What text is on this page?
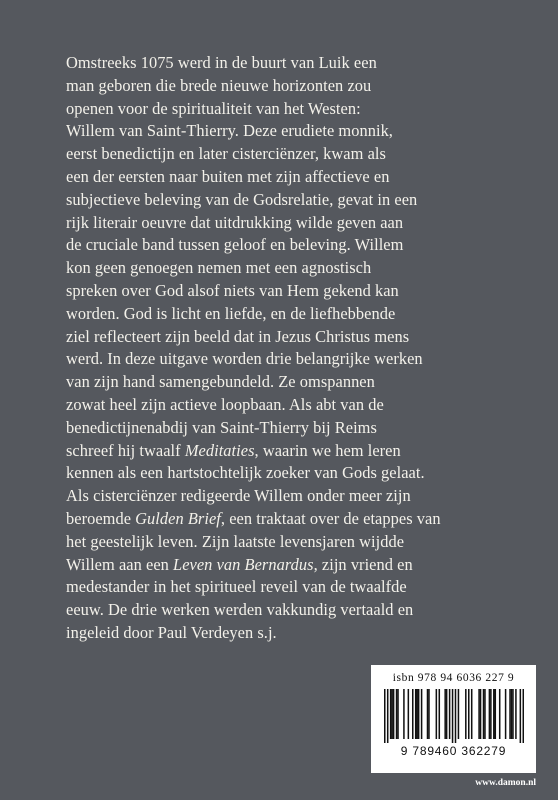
Omstreeks 1075 werd in de buurt van Luik een
man geboren die brede nieuwe horizonten zou
openen voor de spiritualiteit van het Westen:
Willem van Saint-Thierry. Deze erudiete monnik,
eerst benedictijn en later cisterciënzer, kwam als
een der eersten naar buiten met zijn affectieve en
subjectieve beleving van de Godsrelatie, gevat in een
rijk literair oeuvre dat uitdrukking wilde geven aan
de cruciale band tussen geloof en beleving. Willem
kon geen genoegen nemen met een agnostisch
spreken over God alsof niets van Hem gekend kan
worden. God is licht en liefde, en de liefhebbende
ziel reflecteert zijn beeld dat in Jezus Christus mens
werd. In deze uitgave worden drie belangrijke werken
van zijn hand samengebundeld. Ze omspannen
zowat heel zijn actieve loopbaan. Als abt van de
benedictijnenabdij van Saint-Thierry bij Reims
schreef hij twaalf Meditaties, waarin we hem leren
kennen als een hartstochtelijk zoeker van Gods gelaat.
Als cisterciënzer redigeerde Willem onder meer zijn
beroemde Gulden Brief, een traktaat over de etappes van
het geestelijk leven. Zijn laatste levensjaren wijdde
Willem aan een Leven van Bernardus, zijn vriend en
medestander in het spiritueel reveil van de twaalfde
eeuw. De drie werken werden vakkundig vertaald en
ingeleid door Paul Verdeyen s.j.
isbn 978 94 6036 227 9
9 789460 362279
www.damon.nl
